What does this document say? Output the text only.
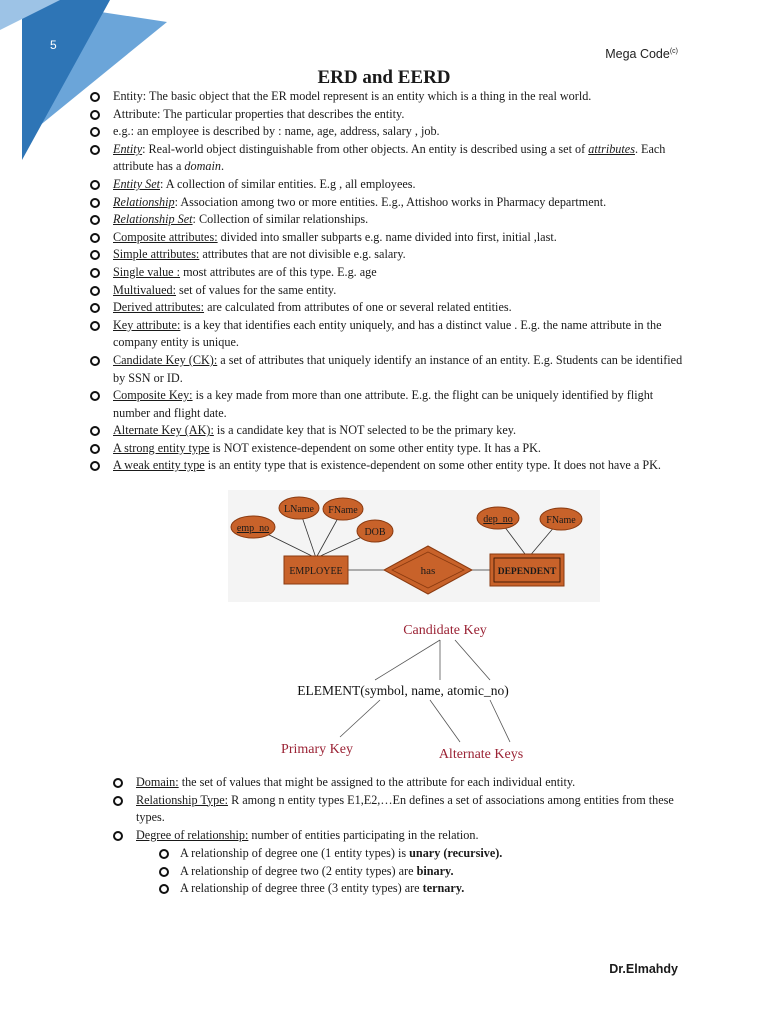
5
Mega Code$^{(c)}$
ERD and EERD
Entity: The basic object that the ER model represent is an entity which is a thing in the real world.
Attribute: The particular properties that describes the entity.
e.g.: an employee is described by : name, age, address, salary , job.
Entity: Real-world object distinguishable from other objects. An entity is described using a set of attributes. Each attribute has a domain.
Entity Set: A collection of similar entities. E.g , all employees.
Relationship: Association among two or more entities. E.g., Attishoo works in Pharmacy department.
Relationship Set: Collection of similar relationships.
Composite attributes: divided into smaller subparts e.g. name divided into first, initial ,last.
Simple attributes: attributes that are not divisible e.g. salary.
Single value : most attributes are of this type. E.g. age
Multivalued: set of values for the same entity.
Derived attributes: are calculated from attributes of one or several related entities.
Key attribute: is a key that identifies each entity uniquely, and has a distinct value . E.g. the name attribute in the company entity is unique.
Candidate Key (CK): a set of attributes that uniquely identify an instance of an entity. E.g. Students can be identified by SSN or ID.
Composite Key: is a key made from more than one attribute. E.g. the flight can be uniquely identified by flight number and flight date.
Alternate Key (AK): is a candidate key that is NOT selected to be the primary key.
A strong entity type is NOT existence-dependent on some other entity type. It has a PK.
A weak entity type is an entity type that is existence-dependent on some other entity type. It does not have a PK.
emp_no
LName FName
DOB
dep_no	FName
EMPLOYEE	has	DEPENDENT
Candidate Key
ELEMENT(symbol, name, atomic_no)
Primary Key	Alternate Keys
Domain: the set of values that might be assigned to the attribute for each individual entity.
Relationship Type: R among n entity types E1,E2,…En defines a set of associations among entities from these types.
Degree of relationship: number of entities participating in the relation.
A relationship of degree one (1 entity types) is unary (recursive).
A relationship of degree two (2 entity types) are binary.
A relationship of degree three (3 entity types) are ternary.
Dr.Elmahdy
